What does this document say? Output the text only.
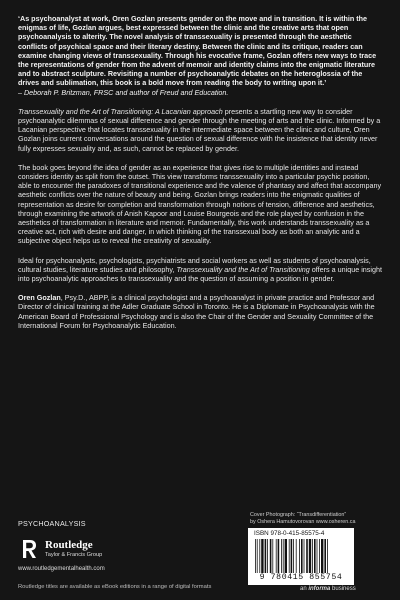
‘As psychoanalyst at work, Oren Gozlan presents gender on the move and in transition. It is within the enigmas of life, Gozlan argues, best expressed between the clinic and the creative arts that open psychoanalysis to alterity. The novel analysis of transsexuality is presented through the aesthetic conflicts of psychical space and their literary destiny. Between the clinic and its critique, readers can examine changing views of transsexuality. Through his evocative frame, Gozlan offers new ways to trace the representations of gender from the advent of memoir and identity claims into the enigmatic literature and to abstract sculpture. Revisiting a number of psychoanalytic debates on the heteroglossia of the drives and sublimation, this book is a bold move from reading the body to writing upon it.’

– Deborah P. Britzman, FRSC and author of Freud and Education.

Transsexuality and the Art of Transitioning: A Lacanian approach presents a startling new way to consider psychoanalytic dilemmas of sexual difference and gender through the meeting of arts and the clinic. Informed by a Lacanian perspective that locates transsexuality in the intermediate space between the clinic and culture, Oren Gozlan joins current conversations around the question of sexual difference with the insistence that identity never fully expresses sexuality and, as such, cannot be replaced by gender.

The book goes beyond the idea of gender as an experience that gives rise to multiple identities and instead considers identity as split from the outset. This view transforms transsexuality into a particular psychic position, able to encounter the paradoxes of transitional experience and the valence of phantasy and affect that accompany aesthetic conflicts over the nature of beauty and being. Gozlan brings readers into the enigmatic qualities of representation as desire for completion and transformation through notions of tension, difference and aesthetics, through examining the artwork of Anish Kapoor and Louise Bourgeois and the role played by confusion in the aesthetics of transformation in literature and memoir. Fundamentally, this work understands transsexuality as a creative act, rich with desire and danger, in which thinking of the transsexual body as both an analytic and a subjective object helps us to reveal the creativity of sexuality.

Ideal for psychoanalysts, psychologists, psychiatrists and social workers as well as students of psychoanalysis, cultural studies, literature studies and philosophy, Transsexuality and the Art of Transitioning offers a unique insight into psychoanalytic approaches to transsexuality and the question of assuming a position in gender.

Oren Gozlan, Psy.D., ABPP, is a clinical psychologist and a psychoanalyst in private practice and Professor and Director of clinical training at the Adler Graduate School in Toronto. He is a Diplomate in Psychoanalysis with the American Board of Professional Psychology and is also the Chair of the Gender and Sexuality Committee of the International Forum for Psychoanalytic Education.

PSYCHOANALYSIS
Routledge
Taylor & Francis Group
www.routledgementalhealth.com
Routledge titles are available as eBook editions in a range of digital formats
Cover Photograph: “Transdifferentiation”
by Oshera Hamutovorovan www.osheren.ca
ISBN 978-0-415-85575-4
9 780415 855754
an informa business
